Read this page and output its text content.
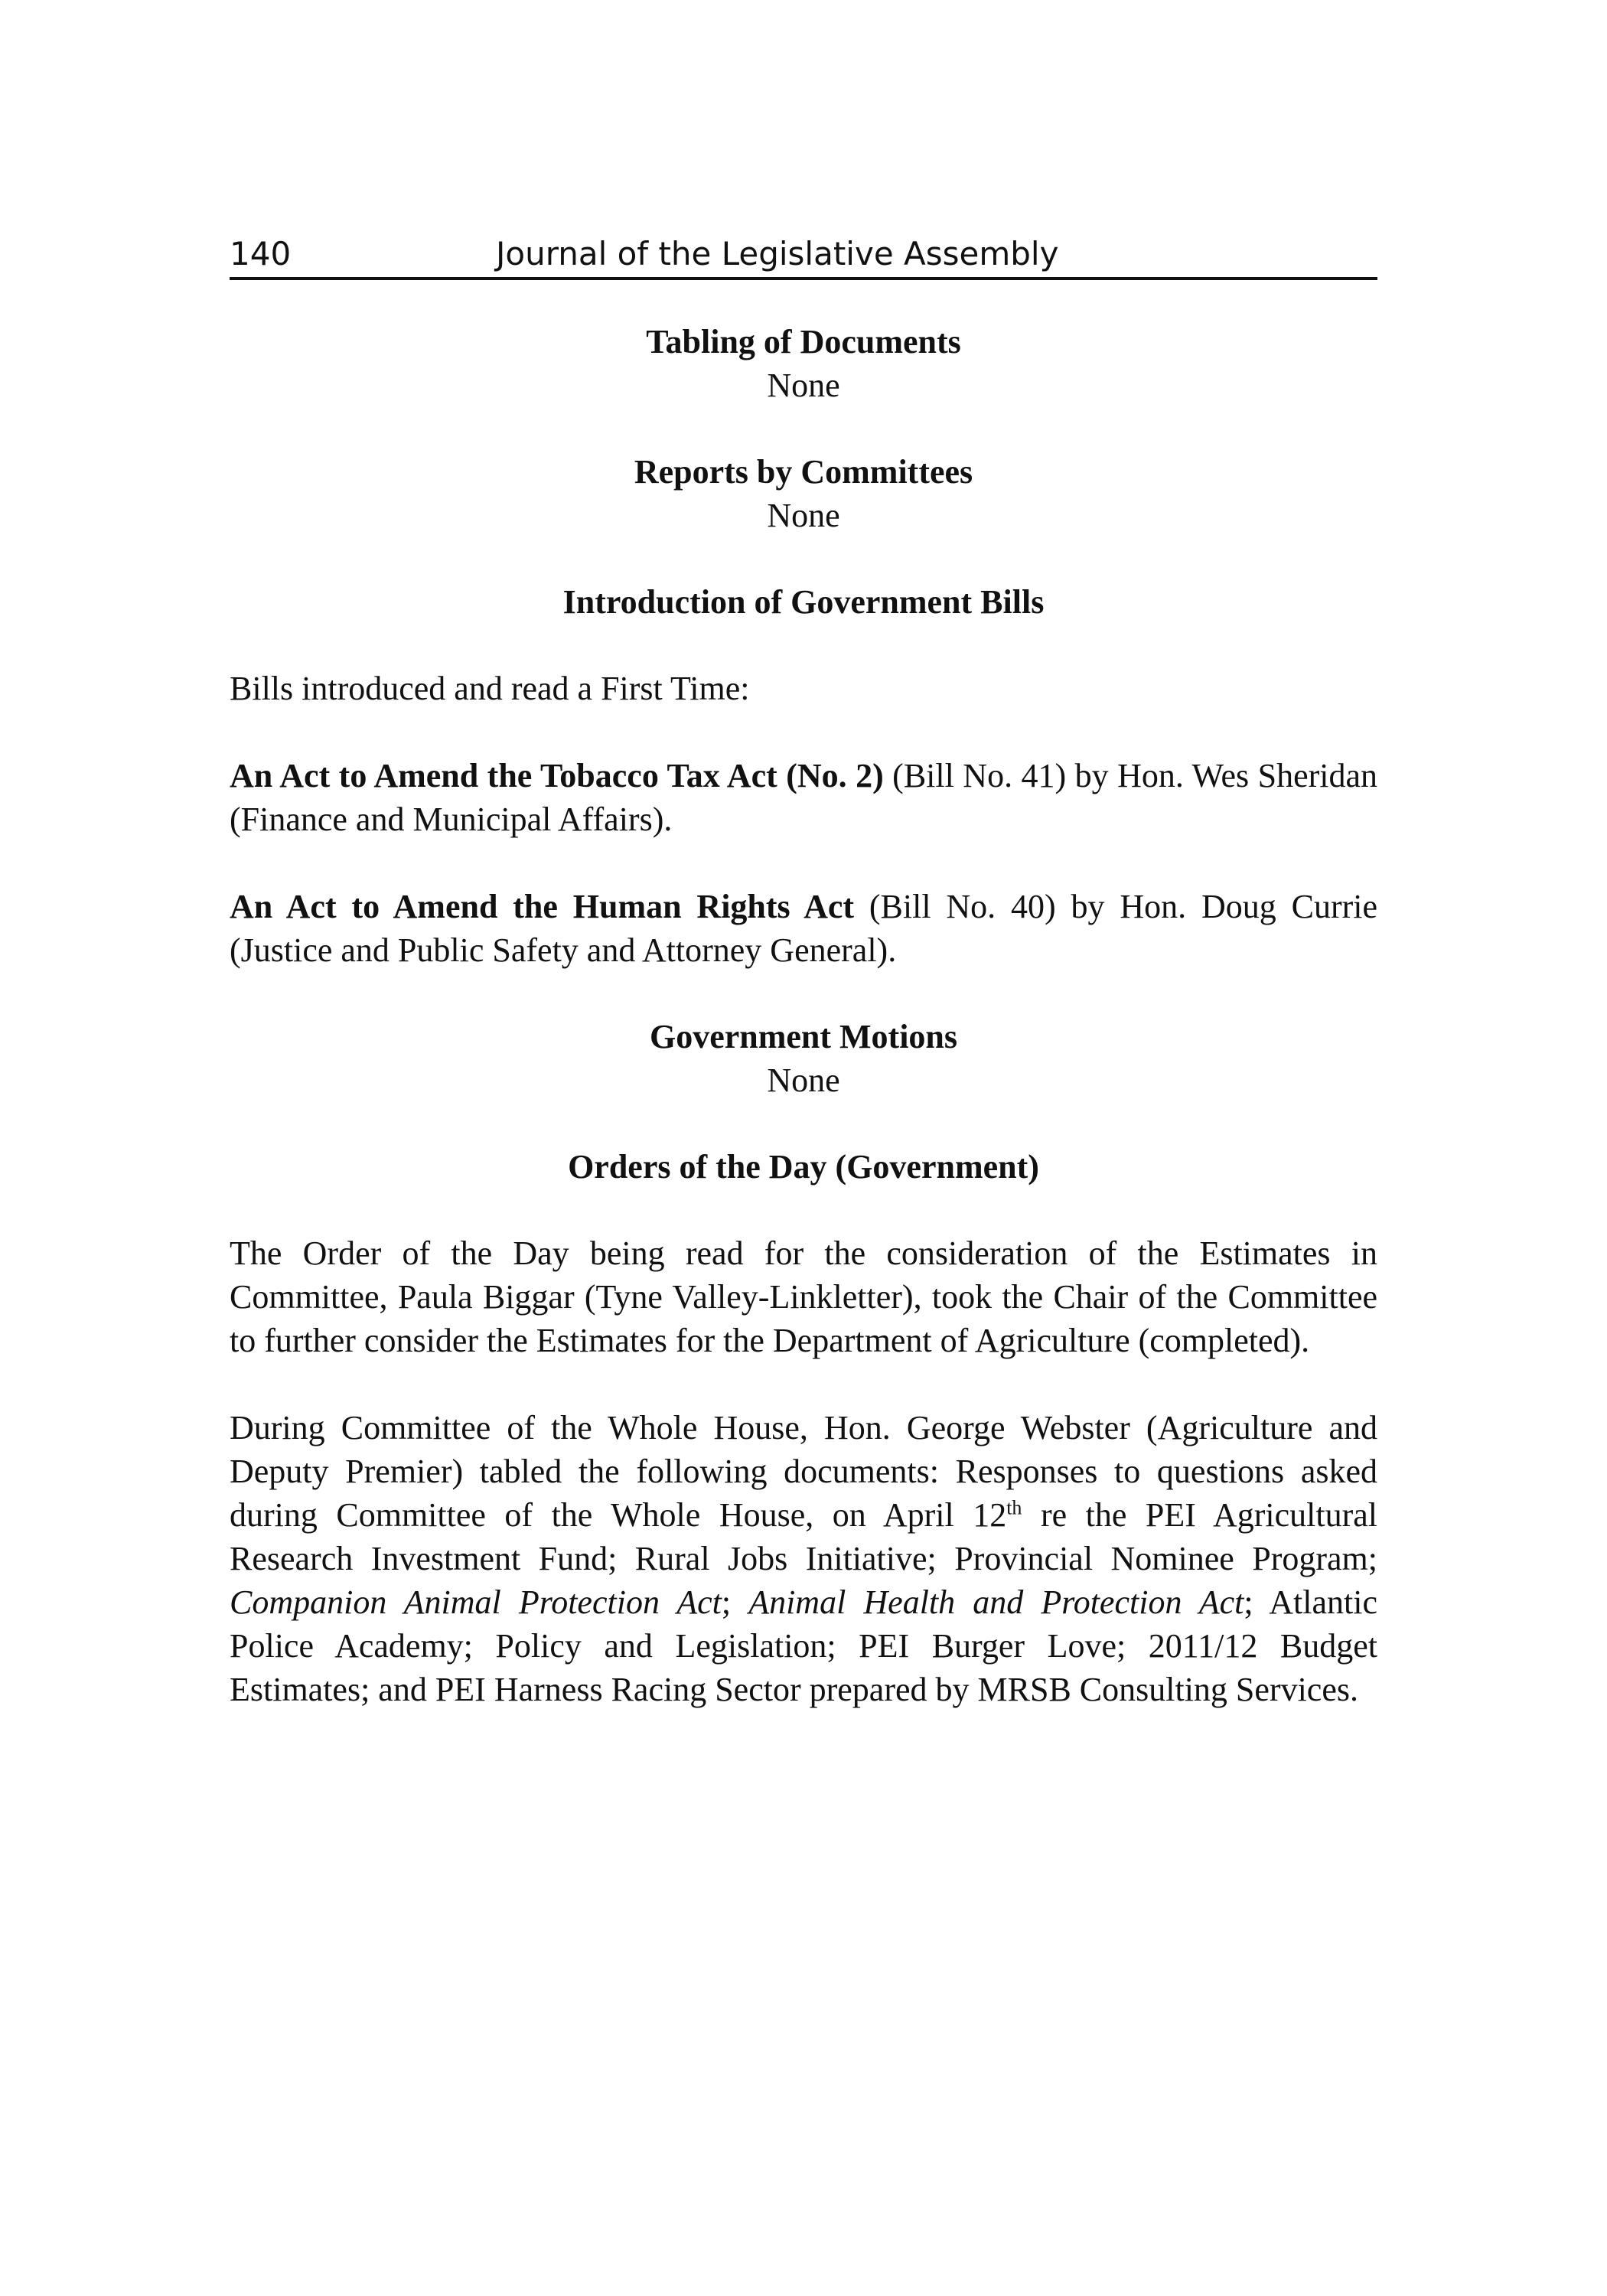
140	Journal of the Legislative Assembly
Tabling of Documents
None
Reports by Committees
None
Introduction of Government Bills

Bills introduced and read a First Time:

An Act to Amend the Tobacco Tax Act (No. 2) (Bill No. 41) by Hon. Wes Sheridan (Finance and Municipal Affairs).

An Act to Amend the Human Rights Act (Bill No. 40) by Hon. Doug Currie (Justice and Public Safety and Attorney General).

Government Motions
None
Orders of the Day (Government)

The Order of the Day being read for the consideration of the Estimates in Committee, Paula Biggar (Tyne Valley-Linkletter), took the Chair of the Committee to further consider the Estimates for the Department of Agriculture (completed).

During Committee of the Whole House, Hon. George Webster (Agriculture and Deputy Premier) tabled the following documents: Responses to questions asked during Committee of the Whole House, on April 12th re the PEI Agricultural Research Investment Fund; Rural Jobs Initiative; Provincial Nominee Program; Companion Animal Protection Act; Animal Health and Protection Act; Atlantic Police Academy; Policy and Legislation; PEI Burger Love; 2011/12 Budget Estimates; and PEI Harness Racing Sector prepared by MRSB Consulting Services.
